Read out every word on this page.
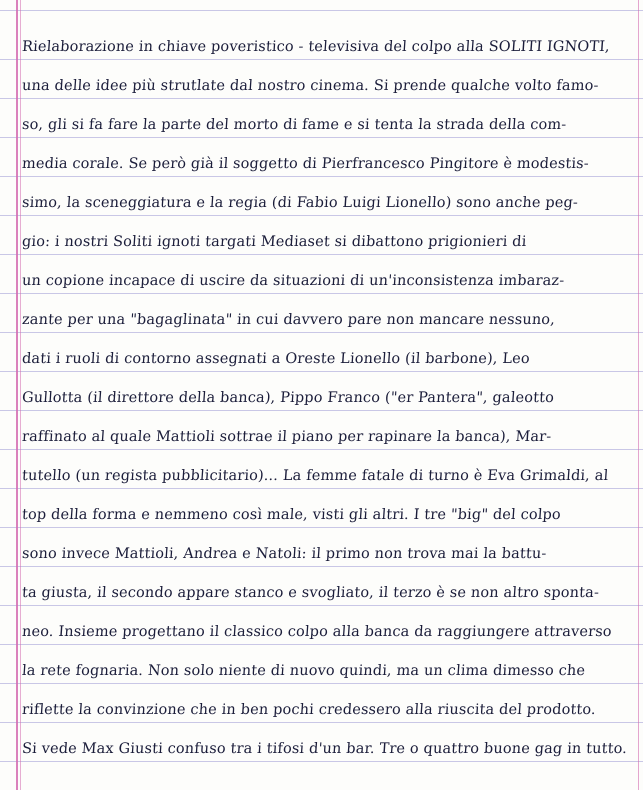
Rielaborazione in chiave poveristico - televisiva del colpo alla SOLITI IGNOTI,
una delle idee più strutlate dal nostro cinema. Si prende qualche volto famo-
so, gli si fa fare la parte del morto di fame e si tenta la strada della com-
media corale. Se però già il soggetto di Pierfrancesco Pingitore è modestis-
simo, la sceneggiatura e la regia (di Fabio Luigi Lionello) sono anche peg-
gio: i nostri Soliti ignoti targati Mediaset si dibattono prigionieri di
un copione incapace di uscire da situazioni di un'inconsistenza imbaraz-
zante per una "bagaglinata" in cui davvero pare non mancare nessuno,
dati i ruoli di contorno assegnati a Oreste Lionello (il barbone), Leo
Gullotta (il direttore della banca), Pippo Franco ("er Pantera", galeotto
raffinato al quale Mattioli sottrae il piano per rapinare la banca), Mar-
tutello (un regista pubblicitario)... La femme fatale di turno è Eva Grimaldi, al
top della forma e nemmeno così male, visti gli altri. I tre "big" del colpo
sono invece Mattioli, Andrea e Natoli: il primo non trova mai la battu-
ta giusta, il secondo appare stanco e svogliato, il terzo è se non altro sponta-
neo. Insieme progettano il classico colpo alla banca da raggiungere attraverso
la rete fognaria. Non solo niente di nuovo quindi, ma un clima dimesso che
riflette la convinzione che in ben pochi credessero alla riuscita del prodotto.
Si vede Max Giusti confuso tra i tifosi d'un bar. Tre o quattro buone gag in tutto.
